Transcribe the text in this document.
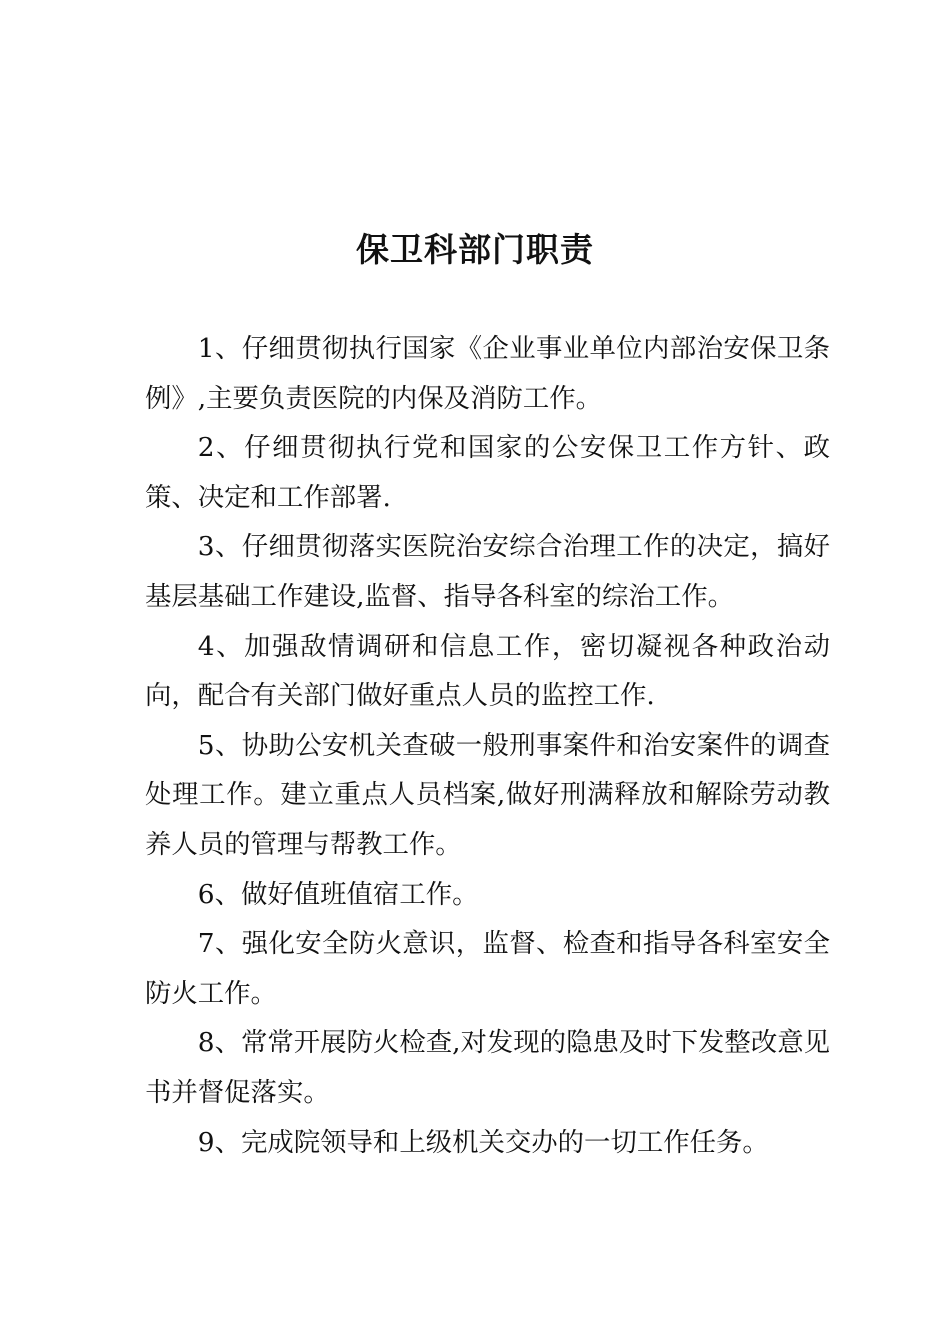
保卫科部门职责

1、仔细贯彻执行国家《企业事业单位内部治安保卫条例》,主要负责医院的内保及消防工作。

2、仔细贯彻执行党和国家的公安保卫工作方针、政策、决定和工作部署.

3、仔细贯彻落实医院治安综合治理工作的决定，搞好基层基础工作建设,监督、指导各科室的综治工作。

4、加强敌情调研和信息工作，密切凝视各种政治动向，配合有关部门做好重点人员的监控工作.

5、协助公安机关查破一般刑事案件和治安案件的调查处理工作。建立重点人员档案,做好刑满释放和解除劳动教养人员的管理与帮教工作。

6、做好值班值宿工作。

7、强化安全防火意识，监督、检查和指导各科室安全防火工作。

8、常常开展防火检查,对发现的隐患及时下发整改意见书并督促落实。

9、完成院领导和上级机关交办的一切工作任务。
